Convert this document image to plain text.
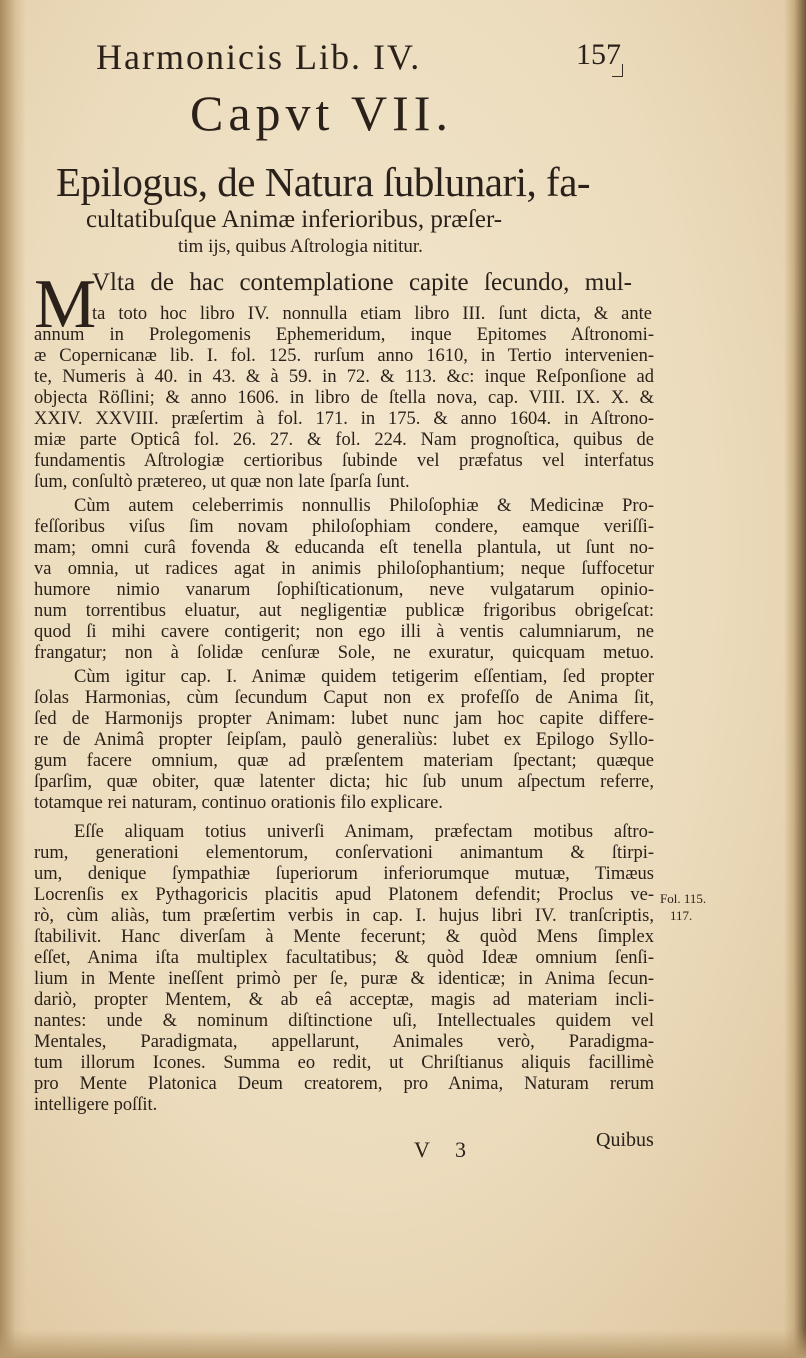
Harmonicis Lib. IV.	157
Capvt VII.
Epilogus, de Natura ſublunari, fa-
cultatibuſque Animæ inferioribus, præſer-
tim ijs, quibus Aſtrologia nititur.
M
Vlta de hac contemplatione capite ſecundo, mul-
ta toto hoc libro IV. nonnulla etiam libro III. ſunt dicta, & ante
annum in Prolegomenis Ephemeridum, inque Epitomes Aſtronomi-
æ Copernicanæ lib. I. fol. 125. rurſum anno 1610, in Tertio intervenien-
te, Numeris à 40. in 43. & à 59. in 72. & 113. &c: inque Reſponſione ad
objecta Röſlini; & anno 1606. in libro de ſtella nova, cap. VIII. IX. X. &
XXIV. XXVIII. præſertim à fol. 171. in 175. & anno 1604. in Aſtrono-
miæ parte Opticâ fol. 26. 27. & fol. 224. Nam prognoſtica, quibus de
fundamentis Aſtrologiæ certioribus ſubinde vel præfatus vel interfatus
ſum, conſultò prætereo, ut quæ non late ſparſa ſunt.
Cùm autem celeberrimis nonnullis Philoſophiæ & Medicinæ Pro-
feſſoribus viſus ſim novam philoſophiam condere, eamque veriſſi-
mam; omni curâ fovenda & educanda eſt tenella plantula, ut ſunt no-
va omnia, ut radices agat in animis philoſophantium; neque ſuffocetur
humore nimio vanarum ſophiſticationum, neve vulgatarum opinio-
num torrentibus eluatur, aut negligentiæ publicæ frigoribus obrigeſcat:
quod ſi mihi cavere contigerit; non ego illi à ventis calumniarum, ne
frangatur; non à ſolidæ cenſuræ Sole, ne exuratur, quicquam metuo.
Cùm igitur cap. I. Animæ quidem tetigerim eſſentiam, ſed propter
ſolas Harmonias, cùm ſecundum Caput non ex profeſſo de Anima ſit,
ſed de Harmonijs propter Animam: lubet nunc jam hoc capite differe-
re de Animâ propter ſeipſam, paulò generaliùs: lubet ex Epilogo Syllo-
gum facere omnium, quæ ad præſentem materiam ſpectant; quæque
ſparſim, quæ obiter, quæ latenter dicta; hic ſub unum aſpectum referre,
totamque rei naturam, continuo orationis filo explicare.
Eſſe aliquam totius univerſi Animam, præfectam motibus aſtro-
rum, generationi elementorum, conſervationi animantum & ſtirpi-
um, denique ſympathiæ ſuperiorum inferiorumque mutuæ, Timæus
Locrenſis ex Pythagoricis placitis apud Platonem defendit; Proclus ve-
rò, cùm aliàs, tum præſertim verbis in cap. I. hujus libri IV. tranſcriptis,
ſtabilivit. Hanc diverſam à Mente fecerunt; & quòd Mens ſimplex
eſſet, Anima iſta multiplex facultatibus; & quòd Ideæ omnium ſenſi-
lium in Mente ineſſent primò per ſe, puræ & identicæ; in Anima ſecun-
dariò, propter Mentem, & ab eâ acceptæ, magis ad materiam incli-
nantes: unde & nominum diſtinctione uſi, Intellectuales quidem vel
Mentales, Paradigmata, appellarunt, Animales verò, Paradigma-
tum illorum Icones. Summa eo redit, ut Chriſtianus aliquis facillimè
pro Mente Platonica Deum creatorem, pro Anima, Naturam rerum
intelligere poſſit.
Fol. 115.
117.
V 3	Quibus
